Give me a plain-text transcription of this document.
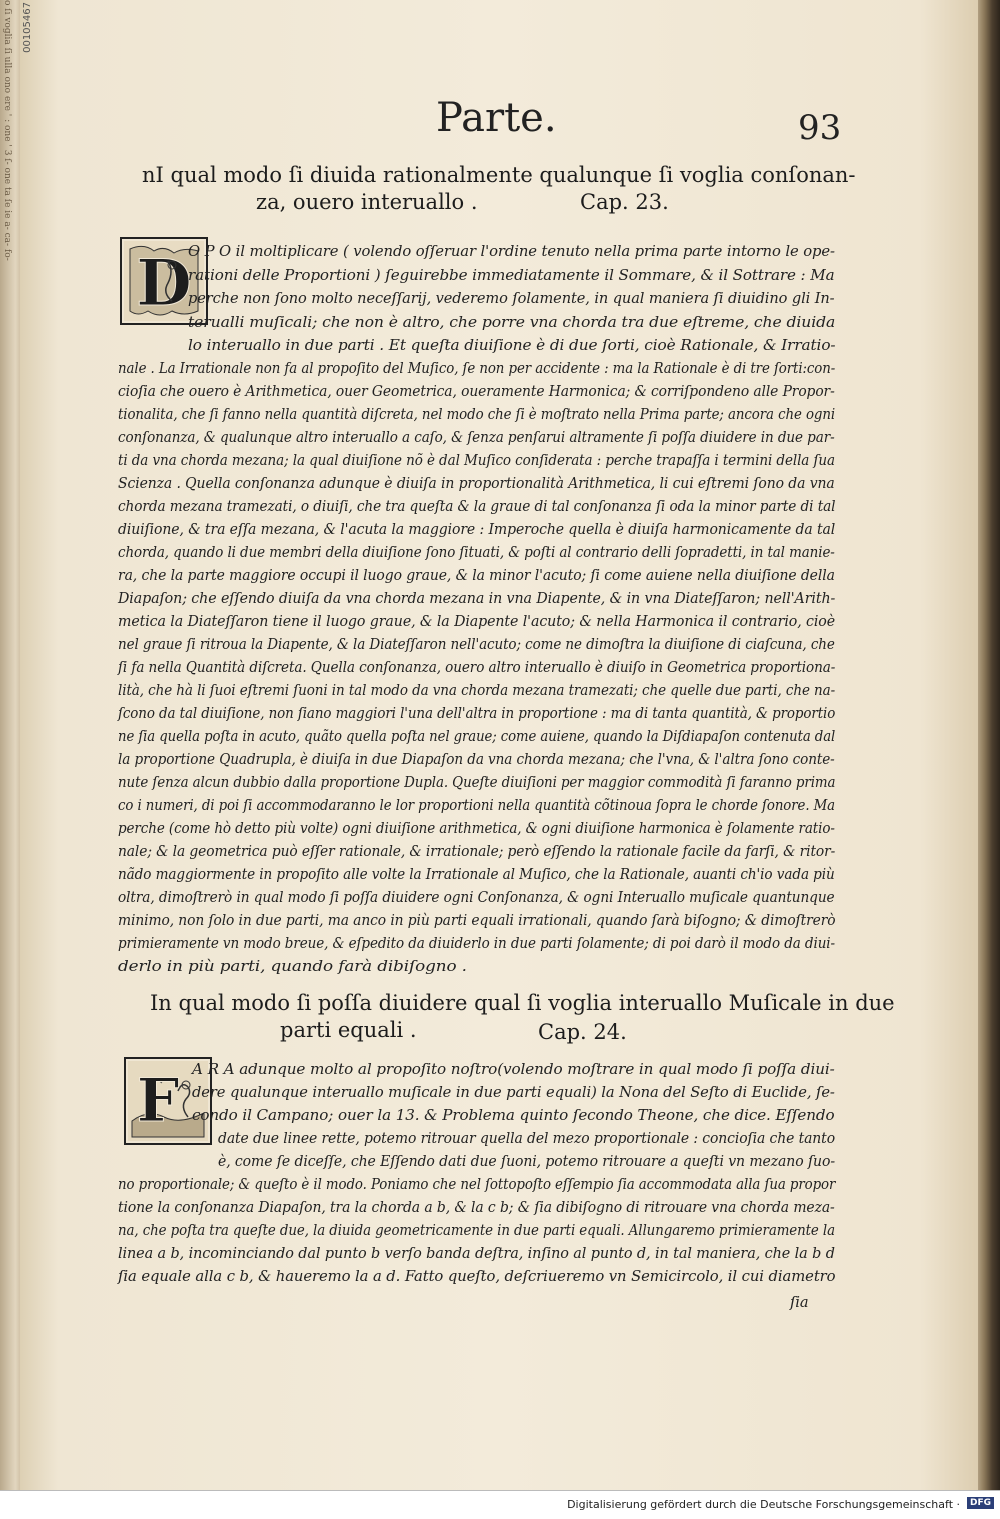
o ſi voglia ſi ulla ono ere ' : one ' 3 ſ- one ta ſe ie a- ca- fo- 00105467
Parte.	93
nI qual modo ſi diuida rationalmente qualunque ſi voglia conſonan-
za, ouero interuallo .	Cap. 23.
D
O P O il moltiplicare ( volendo oſſeruar l'ordine tenuto nella prima parte intorno le ope-
rationi delle Proportioni ) ſeguirebbe immediatamente il Sommare, & il Sottrare : Ma
perche non ſono molto neceſſarij, vederemo ſolamente, in qual maniera ſi diuidino gli In-
terualli muſicali; che non è altro, che porre vna chorda tra due eſtreme, che diuida
lo interuallo in due parti . Et queſta diuiſione è di due ſorti, cioè Rationale, & Irratio-
nale . La Irrationale non fa al propoſito del Muſico, ſe non per accidente : ma la Rationale è di tre ſorti:con-
cioſia che ouero è Arithmetica, ouer Geometrica, oueramente Harmonica; & corriſpondeno alle Propor-
tionalita, che ſi fanno nella quantità diſcreta, nel modo che ſi è moſtrato nella Prima parte; ancora che ogni
conſonanza, & qualunque altro interuallo a caſo, & ſenza penſarui altramente ſi poſſa diuidere in due par-
ti da vna chorda mezana; la qual diuiſione nõ è dal Muſico conſiderata : perche trapaſſa i termini della ſua
Scienza . Quella conſonanza adunque è diuiſa in proportionalità Arithmetica, li cui eſtremi ſono da vna
chorda mezana tramezati, o diuiſi, che tra queſta & la graue di tal conſonanza ſi oda la minor parte di tal
diuiſione, & tra eſſa mezana, & l'acuta la maggiore : Imperoche quella è diuiſa harmonicamente da tal
chorda, quando li due membri della diuiſione ſono ſituati, & poſti al contrario delli ſopradetti, in tal manie-
ra, che la parte maggiore occupi il luogo graue, & la minor l'acuto; ſi come auiene nella diuiſione della
Diapaſon; che eſſendo diuiſa da vna chorda mezana in vna Diapente, & in vna Diateſſaron; nell'Arith-
metica la Diateſſaron tiene il luogo graue, & la Diapente l'acuto; & nella Harmonica il contrario, cioè
nel graue ſi ritroua la Diapente, & la Diateſſaron nell'acuto; come ne dimoſtra la diuiſione di ciaſcuna, che
ſi fa nella Quantità diſcreta. Quella conſonanza, ouero altro interuallo è diuiſo in Geometrica proportiona-
lità, che hà li ſuoi eſtremi ſuoni in tal modo da vna chorda mezana tramezati; che quelle due parti, che na-
ſcono da tal diuiſione, non ſiano maggiori l'una dell'altra in proportione : ma di tanta quantità, & proportio
ne ſia quella poſta in acuto, quãto quella poſta nel graue; come auiene, quando la Diſdiapaſon contenuta dal
la proportione Quadrupla, è diuiſa in due Diapaſon da vna chorda mezana; che l'vna, & l'altra ſono conte-
nute ſenza alcun dubbio dalla proportione Dupla. Queſte diuiſioni per maggior commodità ſi faranno prima
co i numeri, di poi ſi accommodaranno le lor proportioni nella quantità cõtinoua ſopra le chorde ſonore. Ma
perche (come hò detto più volte) ogni diuiſione arithmetica, & ogni diuiſione harmonica è ſolamente ratio-
nale; & la geometrica può eſſer rationale, & irrationale; però eſſendo la rationale facile da farſi, & ritor-
nãdo maggiormente in propoſito alle volte la Irrationale al Muſico, che la Rationale, auanti ch'io vada più
oltra, dimoſtrerò in qual modo ſi poſſa diuidere ogni Conſonanza, & ogni Interuallo muſicale quantunque
minimo, non ſolo in due parti, ma anco in più parti equali irrationali, quando ſarà biſogno; & dimoſtrerò
primieramente vn modo breue, & eſpedito da diuiderlo in due parti ſolamente; di poi darò il modo da diui-
derlo in più parti, quando farà dibiſogno .
In qual modo ſi poſſa diuidere qual ſi voglia interuallo Muſicale in due
parti equali .	Cap. 24.
F A R A adunque molto al propoſito noſtro(volendo moſtrare in qual modo ſi poſſa diui-
dere qualunque interuallo muſicale in due parti equali) la Nona del Seſto di Euclide, ſe-
condo il Campano; ouer la 13. & Problema quinto ſecondo Theone, che dice. Eſſendo
date due linee rette, potemo ritrouar quella del mezo proportionale : concioſia che tanto
è, come ſe diceſſe, che Eſſendo dati due ſuoni, potemo ritrouare a queſti vn mezano ſuo-
no proportionale; & queſto è il modo. Poniamo che nel ſottopoſto eſſempio ſia accommodata alla ſua propor
tione la conſonanza Diapaſon, tra la chorda a b, & la c b; & ſia dibiſogno di ritrouare vna chorda meza-
na, che poſta tra queſte due, la diuida geometricamente in due parti equali. Allungaremo primieramente la
linea a b, incominciando dal punto b verſo banda deſtra, inſino al punto d, in tal maniera, che la b d
ſia equale alla c b, & haueremo la a d. Fatto queſto, deſcriueremo vn Semicircolo, il cui diametro
ſia
Digitalisierung gefördert durch die Deutsche Forschungsgemeinschaft ·	DFG
